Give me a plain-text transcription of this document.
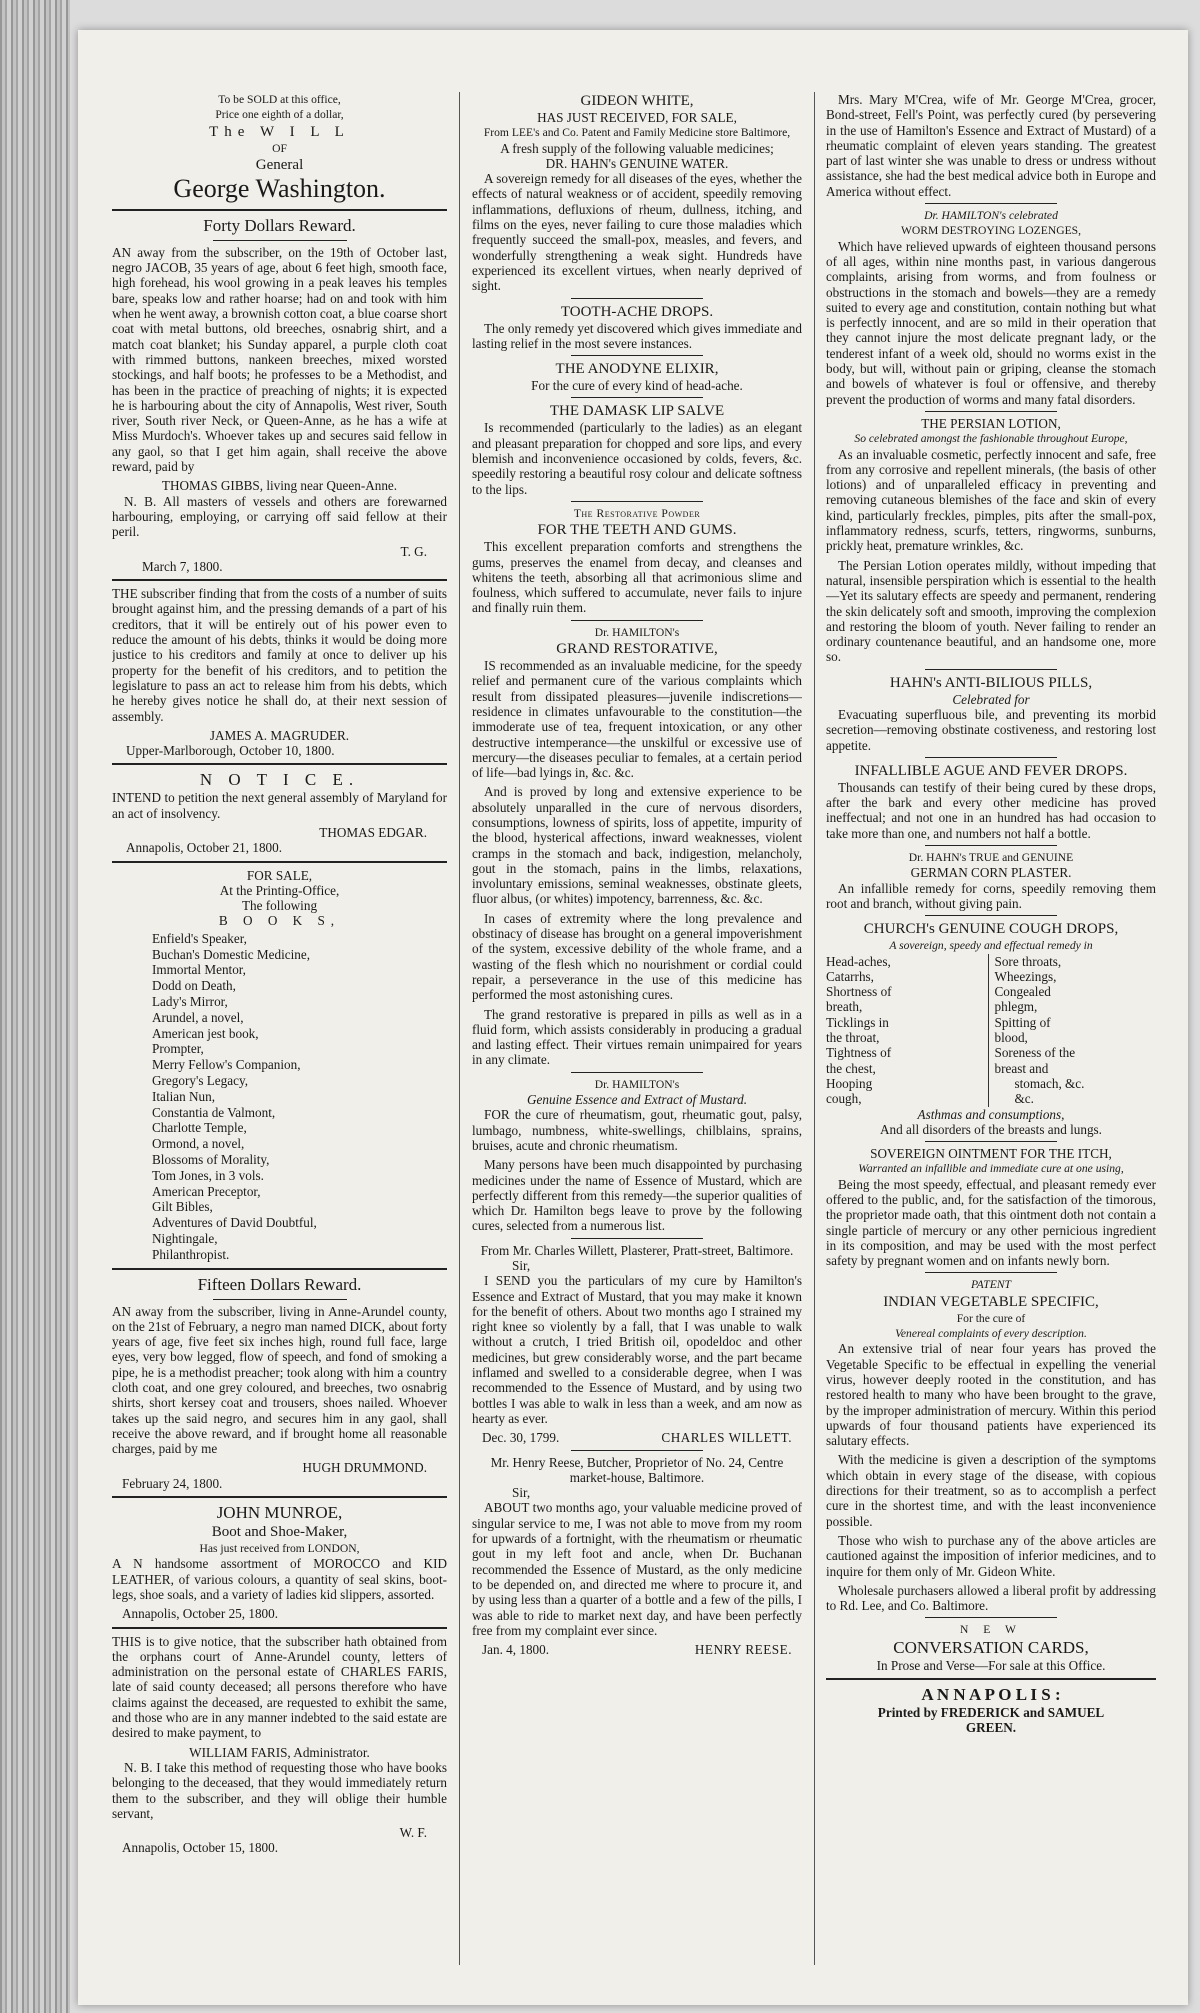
To be SOLD at this office,
Price one eighth of a dollar,
The W I L L
OF
General
George Washington.
Forty Dollars Reward.

AN away from the subscriber, on the 19th of October last, negro JACOB, 35 years of age, about 6 feet high, smooth face, high forehead, his wool growing in a peak leaves his temples bare, speaks low and rather hoarse; had on and took with him when he went away, a brownish cotton coat, a blue coarse short coat with metal buttons, old breeches, osnabrig shirt, and a match coat blanket; his Sunday apparel, a purple cloth coat with rimmed buttons, nankeen breeches, mixed worsted stockings, and half boots; he professes to be a Methodist, and has been in the practice of preaching of nights; it is expected he is harbouring about the city of Annapolis, West river, South river, South river Neck, or Queen-Anne, as he has a wife at Miss Murdoch's. Whoever takes up and secures said fellow in any gaol, so that I get him again, shall receive the above reward, paid by

THOMAS GIBBS, living near Queen-Anne.

N. B. All masters of vessels and others are forewarned harbouring, employing, or carrying off said fellow at their peril.

T. G.
March 7, 1800.

THE subscriber finding that from the costs of a number of suits brought against him, and the pressing demands of a part of his creditors, that it will be entirely out of his power even to reduce the amount of his debts, thinks it would be doing more justice to his creditors and family at once to deliver up his property for the benefit of his creditors, and to petition the legislature to pass an act to release him from his debts, which he hereby gives notice he shall do, at their next session of assembly.

JAMES A. MAGRUDER.
Upper-Marlborough, October 10, 1800.
N O T I C E.

INTEND to petition the next general assembly of Maryland for an act of insolvency.

THOMAS EDGAR.
Annapolis, October 21, 1800.
FOR SALE,
At the Printing-Office,
The following
B O O K S,
Enfield's Speaker,
Buchan's Domestic Medicine,
Immortal Mentor,
Dodd on Death,
Lady's Mirror,
Arundel, a novel,
American jest book,
Prompter,
Merry Fellow's Companion,
Gregory's Legacy,
Italian Nun,
Constantia de Valmont,
Charlotte Temple,
Ormond, a novel,
Blossoms of Morality,
Tom Jones, in 3 vols.
American Preceptor,
Gilt Bibles,
Adventures of David Doubtful,
Nightingale,
Philanthropist.
Fifteen Dollars Reward.

AN away from the subscriber, living in Anne-Arundel county, on the 21st of February, a negro man named DICK, about forty years of age, five feet six inches high, round full face, large eyes, very bow legged, flow of speech, and fond of smoking a pipe, he is a methodist preacher; took along with him a country cloth coat, and one grey coloured, and breeches, two osnabrig shirts, short kersey coat and trousers, shoes nailed. Whoever takes up the said negro, and secures him in any gaol, shall receive the above reward, and if brought home all reasonable charges, paid by me

HUGH DRUMMOND.
February 24, 1800.
JOHN MUNROE,
Boot and Shoe-Maker,
Has just received from LONDON,

A N handsome assortment of MOROCCO and KID LEATHER, of various colours, a quantity of seal skins, boot-legs, shoe soals, and a variety of ladies kid slippers, assorted.

Annapolis, October 25, 1800.

THIS is to give notice, that the subscriber hath obtained from the orphans court of Anne-Arundel county, letters of administration on the personal estate of CHARLES FARIS, late of said county deceased; all persons therefore who have claims against the deceased, are requested to exhibit the same, and those who are in any manner indebted to the said estate are desired to make payment, to

WILLIAM FARIS, Administrator.

N. B. I take this method of requesting those who have books belonging to the deceased, that they would immediately return them to the subscriber, and they will oblige their humble servant,

W. F.
Annapolis, October 15, 1800.
GIDEON WHITE,
HAS JUST RECEIVED, FOR SALE,
From LEE's and Co. Patent and Family Medicine store Baltimore,
A fresh supply of the following valuable medicines;
DR. HAHN's GENUINE WATER.

A sovereign remedy for all diseases of the eyes, whether the effects of natural weakness or of accident, speedily removing inflammations, defluxions of rheum, dullness, itching, and films on the eyes, never failing to cure those maladies which frequently succeed the small-pox, measles, and fevers, and wonderfully strengthening a weak sight. Hundreds have experienced its excellent virtues, when nearly deprived of sight.

TOOTH-ACHE DROPS.

The only remedy yet discovered which gives immediate and lasting relief in the most severe instances.

THE ANODYNE ELIXIR,
For the cure of every kind of head-ache.
THE DAMASK LIP SALVE

Is recommended (particularly to the ladies) as an elegant and pleasant preparation for chopped and sore lips, and every blemish and inconvenience occasioned by colds, fevers, &c. speedily restoring a beautiful rosy colour and delicate softness to the lips.

The Restorative Powder
FOR THE TEETH AND GUMS.

This excellent preparation comforts and strengthens the gums, preserves the enamel from decay, and cleanses and whitens the teeth, absorbing all that acrimonious slime and foulness, which suffered to accumulate, never fails to injure and finally ruin them.

Dr. HAMILTON's
GRAND RESTORATIVE,

IS recommended as an invaluable medicine, for the speedy relief and permanent cure of the various complaints which result from dissipated pleasures—juvenile indiscretions—residence in climates unfavourable to the constitution—the immoderate use of tea, frequent intoxication, or any other destructive intemperance—the unskilful or excessive use of mercury—the diseases peculiar to females, at a certain period of life—bad lyings in, &c. &c.

And is proved by long and extensive experience to be absolutely unparalled in the cure of nervous disorders, consumptions, lowness of spirits, loss of appetite, impurity of the blood, hysterical affections, inward weaknesses, violent cramps in the stomach and back, indigestion, melancholy, gout in the stomach, pains in the limbs, relaxations, involuntary emissions, seminal weaknesses, obstinate gleets, fluor albus, (or whites) impotency, barrenness, &c. &c.

In cases of extremity where the long prevalence and obstinacy of disease has brought on a general impoverishment of the system, excessive debility of the whole frame, and a wasting of the flesh which no nourishment or cordial could repair, a perseverance in the use of this medicine has performed the most astonishing cures.

The grand restorative is prepared in pills as well as in a fluid form, which assists considerably in producing a gradual and lasting effect. Their virtues remain unimpaired for years in any climate.

Dr. HAMILTON's
Genuine Essence and Extract of Mustard.

FOR the cure of rheumatism, gout, rheumatic gout, palsy, lumbago, numbness, white-swellings, chilblains, sprains, bruises, acute and chronic rheumatism.

Many persons have been much disappointed by purchasing medicines under the name of Essence of Mustard, which are perfectly different from this remedy—the superior qualities of which Dr. Hamilton begs leave to prove by the following cures, selected from a numerous list.

From Mr. Charles Willett, Plasterer, Pratt-street, Baltimore.
Sir,

I SEND you the particulars of my cure by Hamilton's Essence and Extract of Mustard, that you may make it known for the benefit of others. About two months ago I strained my right knee so violently by a fall, that I was unable to walk without a crutch, I tried British oil, opodeldoc and other medicines, but grew considerably worse, and the part became inflamed and swelled to a considerable degree, when I was recommended to the Essence of Mustard, and by using two bottles I was able to walk in less than a week, and am now as hearty as ever.

Dec. 30, 1799.	CHARLES WILLETT.
Mr. Henry Reese, Butcher, Proprietor of No. 24, Centre market-house, Baltimore.
Sir,

ABOUT two months ago, your valuable medicine proved of singular service to me, I was not able to move from my room for upwards of a fortnight, with the rheumatism or rheumatic gout in my left foot and ancle, when Dr. Buchanan recommended the Essence of Mustard, as the only medicine to be depended on, and directed me where to procure it, and by using less than a quarter of a bottle and a few of the pills, I was able to ride to market next day, and have been perfectly free from my complaint ever since.

Jan. 4, 1800.	HENRY REESE.

Mrs. Mary M'Crea, wife of Mr. George M'Crea, grocer, Bond-street, Fell's Point, was perfectly cured (by persevering in the use of Hamilton's Essence and Extract of Mustard) of a rheumatic complaint of eleven years standing. The greatest part of last winter she was unable to dress or undress without assistance, she had the best medical advice both in Europe and America without effect.

Dr. HAMILTON's celebrated
WORM DESTROYING LOZENGES,

Which have relieved upwards of eighteen thousand persons of all ages, within nine months past, in various dangerous complaints, arising from worms, and from foulness or obstructions in the stomach and bowels—they are a remedy suited to every age and constitution, contain nothing but what is perfectly innocent, and are so mild in their operation that they cannot injure the most delicate pregnant lady, or the tenderest infant of a week old, should no worms exist in the body, but will, without pain or griping, cleanse the stomach and bowels of whatever is foul or offensive, and thereby prevent the production of worms and many fatal disorders.

THE PERSIAN LOTION,
So celebrated amongst the fashionable throughout Europe,

As an invaluable cosmetic, perfectly innocent and safe, free from any corrosive and repellent minerals, (the basis of other lotions) and of unparalleled efficacy in preventing and removing cutaneous blemishes of the face and skin of every kind, particularly freckles, pimples, pits after the small-pox, inflammatory redness, scurfs, tetters, ringworms, sunburns, prickly heat, premature wrinkles, &c.

The Persian Lotion operates mildly, without impeding that natural, insensible perspiration which is essential to the health—Yet its salutary effects are speedy and permanent, rendering the skin delicately soft and smooth, improving the complexion and restoring the bloom of youth. Never failing to render an ordinary countenance beautiful, and an handsome one, more so.

HAHN's ANTI-BILIOUS PILLS,
Celebrated for

Evacuating superfluous bile, and preventing its morbid secretion—removing obstinate costiveness, and restoring lost appetite.

INFALLIBLE AGUE AND FEVER DROPS.

Thousands can testify of their being cured by these drops, after the bark and every other medicine has proved ineffectual; and not one in an hundred has had occasion to take more than one, and numbers not half a bottle.

Dr. HAHN's TRUE and GENUINE
GERMAN CORN PLASTER.

An infallible remedy for corns, speedily removing them root and branch, without giving pain.

CHURCH's GENUINE COUGH DROPS,
A sovereign, speedy and effectual remedy in
Head-aches,
Catarrhs,
Shortness of breath,
Ticklings in the throat,
Tightness of the chest,
Hooping cough,
Sore throats,
Wheezings,
Congealed phlegm,
Spitting of blood,
Soreness of the breast and
stomach, &c. &c.
Asthmas and consumptions,
And all disorders of the breasts and lungs.
SOVEREIGN OINTMENT FOR THE ITCH,
Warranted an infallible and immediate cure at one using,

Being the most speedy, effectual, and pleasant remedy ever offered to the public, and, for the satisfaction of the timorous, the proprietor made oath, that this ointment doth not contain a single particle of mercury or any other pernicious ingredient in its composition, and may be used with the most perfect safety by pregnant women and on infants newly born.

PATENT
INDIAN VEGETABLE SPECIFIC,
For the cure of
Venereal complaints of every description.

An extensive trial of near four years has proved the Vegetable Specific to be effectual in expelling the venerial virus, however deeply rooted in the constitution, and has restored health to many who have been brought to the grave, by the improper administration of mercury. Within this period upwards of four thousand patients have experienced its salutary effects.

With the medicine is given a description of the symptoms which obtain in every stage of the disease, with copious directions for their treatment, so as to accomplish a perfect cure in the shortest time, and with the least inconvenience possible.

Those who wish to purchase any of the above articles are cautioned against the imposition of inferior medicines, and to inquire for them only of Mr. Gideon White.

Wholesale purchasers allowed a liberal profit by addressing to Rd. Lee, and Co. Baltimore.

N E W
CONVERSATION CARDS,
In Prose and Verse—For sale at this Office.
A N N A P O L I S :
Printed by FREDERICK and SAMUEL
GREEN.
